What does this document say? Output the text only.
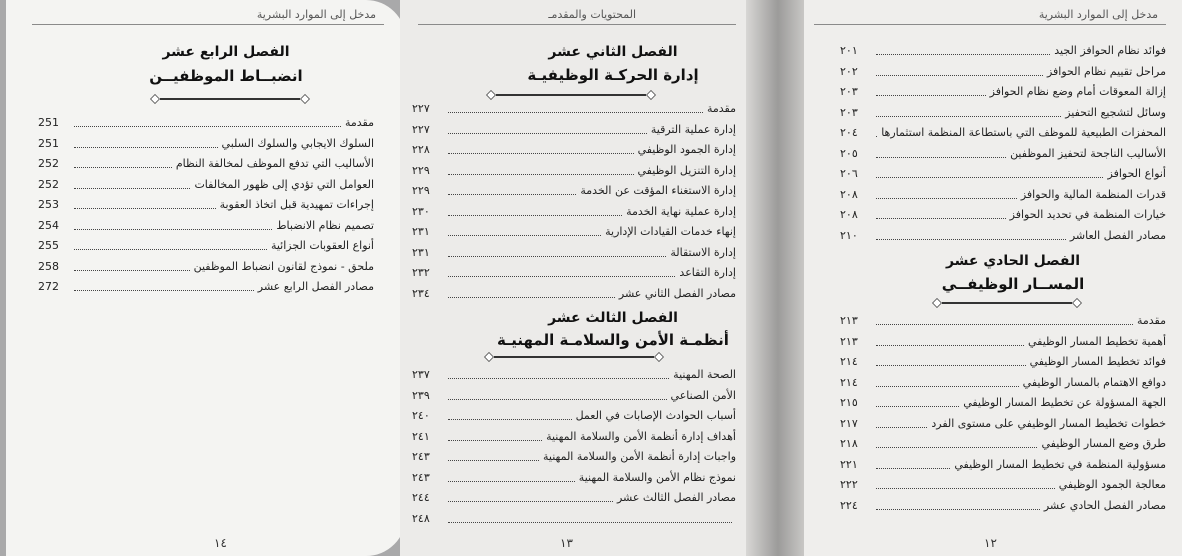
مدخل إلى الموارد البشرية
الفصل الرابع عشر
انضبــاط الموظفيــن
مقدمة
251
السلوك الايجابي والسلوك السلبي
251
الأساليب التي تدفع الموظف لمخالفة النظام
252
العوامل التي تؤدي إلى ظهور المخالفات
252
إجراءات تمهيدية قبل اتخاذ العقوبة
253
تصميم نظام الانضباط
254
أنواع العقوبات الجزائية
255
ملحق - نموذج لقانون انضباط الموظفين
258
مصادر الفصل الرابع عشر
272
١٤
المحتويات والمقدمـ
الفصل الثاني عشر
إدارة الحركـة الوظيفيـة
مقدمة
٢٢٧
إدارة عملية الترقية
٢٢٧
إدارة الجمود الوظيفي
٢٢٨
إدارة التنزيل الوظيفي
٢٢٩
إدارة الاستغناء المؤقت عن الخدمة
٢٢٩
إدارة عملية نهاية الخدمة
٢٣٠
إنهاء خدمات القيادات الإدارية
٢٣١
إدارة الاستقالة
٢٣١
إدارة التقاعد
٢٣٢
مصادر الفصل الثاني عشر
٢٣٤
الفصل الثالث عشر
أنظمـة الأمن والسلامـة المهنيـة
الصحة المهنية
٢٣٧
الأمن الصناعي
٢٣٩
أسباب الحوادث الإصابات في العمل
٢٤٠
أهداف إدارة أنظمة الأمن والسلامة المهنية
٢٤١
واجبات إدارة أنظمة الأمن والسلامة المهنية
٢٤٣
نموذج نظام الأمن والسلامة المهنية
٢٤٣
مصادر الفصل الثالث عشر
٢٤٤
٢٤٨
١٣
مدخل إلى الموارد البشرية
فوائد نظام الحوافز الجيد
٢٠١
مراحل تقييم نظام الحوافز
٢٠٢
إزالة المعوقات أمام وضع نظام الحوافز
٢٠٣
وسائل لتشجيع التحفيز
٢٠٣
المحفزات الطبيعية للموظف التي باستطاعة المنظمة استثمارها
٢٠٤
الأساليب الناجحة لتحفيز الموظفين
٢٠٥
أنواع الحوافز
٢٠٦
قدرات المنظمة المالية والحوافز
٢٠٨
خيارات المنظمة في تحديد الحوافز
٢٠٨
مصادر الفصل العاشر
٢١٠
الفصل الحادي عشر
المســار الوظيفــي
مقدمة
٢١٣
أهمية تخطيط المسار الوظيفي
٢١٣
فوائد تخطيط المسار الوظيفي
٢١٤
دوافع الاهتمام بالمسار الوظيفي
٢١٤
الجهة المسؤولة عن تخطيط المسار الوظيفي
٢١٥
خطوات تخطيط المسار الوظيفي على مستوى الفرد
٢١٧
طرق وضع المسار الوظيفي
٢١٨
مسؤولية المنظمة في تخطيط المسار الوظيفي
٢٢١
معالجة الجمود الوظيفي
٢٢٢
مصادر الفصل الحادي عشر
٢٢٤
١٢
